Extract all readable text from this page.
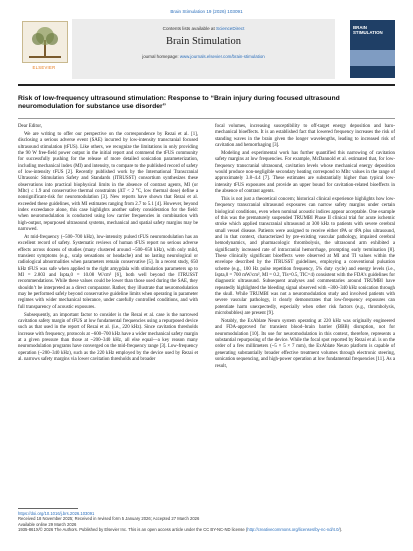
Brain Stimulation 19 (2026) 103091
ELSEVIER
Contents lists available at ScienceDirect
Brain Stimulation
journal homepage: www.journals.elsevier.com/brain-stimulation
BRAIN STIMULATION
Risk of low-frequency ultrasound stimulation: Response to “Brain injury during focused ultrasound neuromodulation for substance use disorder”

Dear Editor,

We are writing to offer our perspective on the correspondence by Rezai et al. [1], disclosing a serious adverse event (SAE) incurred by low-intensity transcranial focused ultrasound stimulation (tFUS). Like others, we recognize the limitations in only providing the 90 W free-field power output in the initial report and commend the tFUS community for successfully pushing for the release of more detailed sonication parameterization, including mechanical index (MI) and intensity, to compare to the published record of safety of low-intensity tFUS [2]. Recently published work by the International Transcranial Ultrasonic Stimulation Safety and Standards (ITRUSST) consortium synthesizes these observations into practical biophysical limits in the absence of contrast agents, MI (or MItc) ≤ 1.9 and conservative thermal constraints (ΔT < 2 °C, low thermal dose) define a nonsignificant-risk for neuromodulation [3]. New reports have shown that Rezai et al. exceeded these guidelines, with MI estimates ranging from 2.7 to 5.1 [4]. However, beyond index exceedance alone, this case highlights another safety consideration for the field: when neuromodulation is conducted using low carrier frequencies in combination with high-output, repurposed ultrasound systems, mechanical and spatial safety margins may be narrowed.

At mid-frequency (~500–700 kHz), low-intensity pulsed tFUS neuromodulation has an excellent record of safety. Systematic reviews of human tFUS report no serious adverse effects across dozens of studies (many clustered around ~500–650 kHz), with only mild, transient symptoms (e.g., scalp sensations or headache) and no lasting neurological or radiological abnormalities when parameters remain conservative [5]. In a recent study, 650 kHz tFUS was safe when applied to the right amygdala with stimulation parameters up to MI = 2.803 and Ispta,0 = 10.08 W/cm² [6], both well beyond the ITRUSST recommendations. While these values could be lower than those used during the SAE, they shouldn’t be interpreted as a direct comparator. Rather, they illustrate that neuromodulation may be performed safely beyond conservative guideline limits when operating in parameter regimes with wider mechanical tolerance, under carefully controlled conditions, and with full transparency of acoustic exposures.

Subsequently, an important factor to consider is the Rezai et al. case is the narrowed cavitation safety margin of tFUS at low fundamental frequencies using a repurposed device such as that used in the report of Rezai et al. (i.e., 220 kHz). Since cavitation thresholds increase with frequency, protocols at ~600–700 kHz have a wider mechanical safety margin at a given pressure than those at ~200–340 kHz, all else equal—a key reason many neuromodulation programs have converged on the mid-frequency range [3]. Low-frequency operation (~200–340 kHz), such as the 220 kHz employed by the device used by Rezai et al. narrows safety margins via lower cavitation thresholds and broader

focal volumes, increasing susceptibility to off-target energy deposition and baro-mechanical bioeffects. It is an established fact that lowered frequency increases the risk of standing waves in the brain given the longer wavelengths, leading to increased risk of cavitation and hemorrhaging [3].

Modeling and experimental work has further quantified this narrowing of cavitation safety margins at low frequencies. For example, McDannold et al. estimated that, for low-frequency transcranial ultrasound, cavitation levels whose mechanical energy deposition would produce non-negligible secondary heating correspond to MItc values in the range of approximately 3.8–4.4 [7]. These estimates are substantially higher than typical low-intensity tFUS exposures and provide an upper bound for cavitation-related bioeffects in the absence of contrast agents.

This is not just a theoretical concern; historical clinical experience highlights how low-frequency transcranial ultrasound exposures can narrow safety margins under certain biological conditions, even when nominal acoustic indices appear acceptable. One example of this was the prematurely suspended TRUMBI Phase II clinical trial for acute ischemic stroke which applied transcranial ultrasound at 300 kHz to patients with severe cerebral small vessel disease. Patients were assigned to receive either tPA or tPA plus ultrasound, and in that context, characterized by pre-existing vascular pathology, impaired cerebral hemodynamics, and pharmacologic thrombolysis, the ultrasound arm exhibited a significantly increased rate of intracranial hemorrhage, prompting early termination [8]. These clinically significant bioeffects were observed at MI and TI values within the envelope described by the ITRUSST guidelines, employing a conventional pulsation scheme (e.g., 100 Hz pulse repetition frequency, 5% duty cycle) and energy levels (i.e., Ispta,0 = 700 mW/cm², MI = 0.2, TIs=0.5, TIC=4) consistent with the FDA’s guidelines for diagnostic ultrasound. Subsequent analyses and commentaries around TRUMBI have repeatedly highlighted the bleeding signal observed with ~300–340 kHz sonication through the skull. While TRUMBI was not a neuromodulation study and involved patients with severe vascular pathology, it clearly demonstrates that low-frequency exposures can potentiate harm unexpectedly, especially when other risk factors (e.g., thrombolysis, microbubbles) are present [9].

Notably, the ExAblate Neuro system operating at 220 kHz was originally engineered and FDA-approved for transient blood–brain barrier (BBB) disruption, not for neuromodulation [10]. Its use for neuromodulation in this context, therefore, represents a substantial repurposing of the device. While the focal spot reported by Rezai et al. is on the order of a few millimeters (~5 × 5 × 7 mm), the ExAblate Neuro platform is capable of generating substantially broader effective treatment volumes through electronic steering, sonication sequencing, and high-power operation at low fundamental frequencies [11]. As a result,

https://doi.org/10.1016/j.brs.2026.103091
Received 18 November 2025; Received in revised form 5 January 2026; Accepted 27 March 2026
Available online 29 March 2026
1935-861X/© 2026 The Authors. Published by Elsevier Inc. This is an open access article under the CC BY-NC-ND license (http://creativecommons.org/licenses/by-nc-nd/4.0/).
